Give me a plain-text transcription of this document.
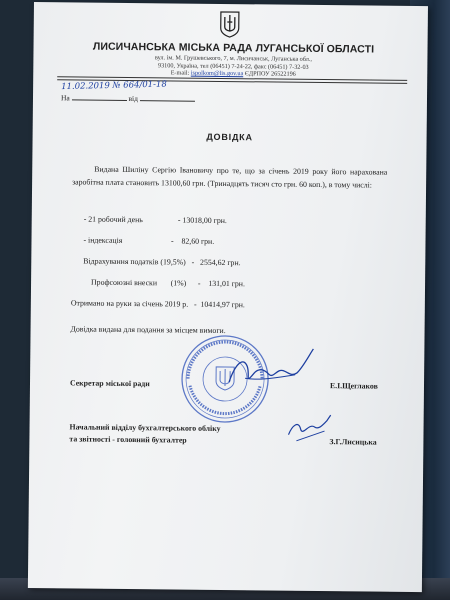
ЛИСИЧАНСЬКА МІСЬКА РАДА ЛУГАНСЬКОЇ ОБЛАСТІ
вул. ім. М. Грушевського, 7, м. Лисичанськ, Луганська обл.,
93100, Україна, тел (06451) 7-24-22, факс (06451) 7-32-03
E-mail: ispolkom@lis.gov.ua ЄДРПОУ 26522196
11.02.2019 № 664/01-18
На	від
ДОВІДКА
Видана Шиліну Сергію Івановичу про те, що за січень 2019 року його нарахована заробітна плата становить 13100,60 грн. (Тринадцять тисяч сто грн. 60 коп.), в тому числі:
- 21 робочий день                  - 13018,00 грн.
- індексація                         -    82,60 грн.
Відрахування податків (19,5%)   -   2554,62 грн.
Профсоюзні внески       (1%)      -    131,01 грн.
Отримано на руки за січень 2019 р.   -  10414,97 грн.
Довідка видана для подання за місцем вимоги.
Секретар міської ради	Е.І.Щеглаков
Начальний відділу бухгалтерського обліку
та звітності - головний бухгалтер	З.Г.Лисицька
